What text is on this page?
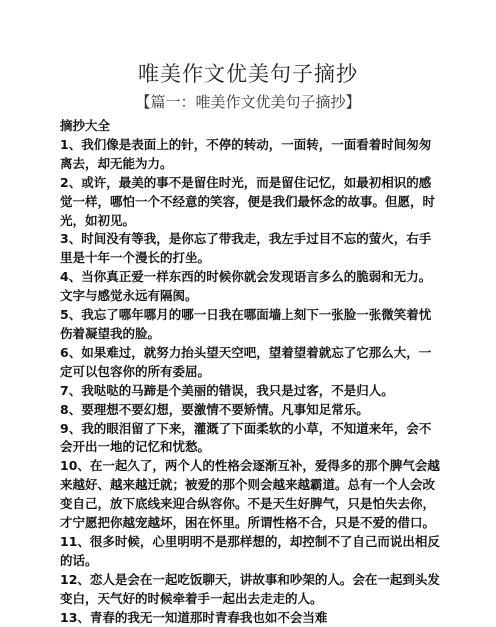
唯美作文优美句子摘抄
【篇一：唯美作文优美句子摘抄】

摘抄大全

1、我们像是表面上的针，不停的转动，一面转，一面看着时间匆匆离去，却无能为力。

2、或许，最美的事不是留住时光，而是留住记忆，如最初相识的感觉一样，哪怕一个不经意的笑容，便是我们最怀念的故事。但愿，时光，如初见。

3、时间没有等我，是你忘了带我走，我左手过目不忘的萤火，右手里是十年一个漫长的打坐。

4、当你真正爱一样东西的时候你就会发现语言多么的脆弱和无力。文字与感觉永远有隔阂。

5、我忘了哪年哪月的哪一日我在哪面墙上刻下一张脸一张微笑着忧伤着凝望我的脸。

6、如果难过，就努力抬头望天空吧，望着望着就忘了它那么大，一定可以包容你的所有委屈。

7、我哒哒的马蹄是个美丽的错误，我只是过客，不是归人。

8、要理想不要幻想，要激情不要矫情。凡事知足常乐。

9、我的眼泪留了下来，灌溉了下面柔软的小草，不知道来年，会不会开出一地的记忆和忧愁。

10、在一起久了，两个人的性格会逐渐互补，爱得多的那个脾气会越来越好、越来越迁就；被爱的那个则会越来越霸道。总有一个人会改变自己，放下底线来迎合纵容你。不是天生好脾气，只是怕失去你，才宁愿把你越宠越坏，困在怀里。所谓性格不合，只是不爱的借口。

11、很多时候，心里明明不是那样想的，却控制不了自己而说出相反的话。

12、恋人是会在一起吃饭聊天，讲故事和吵架的人。会在一起到头发变白，天气好的时候牵着手一起出去走走的人。

13、青春的我无一知道那时青春我也如不会当难
